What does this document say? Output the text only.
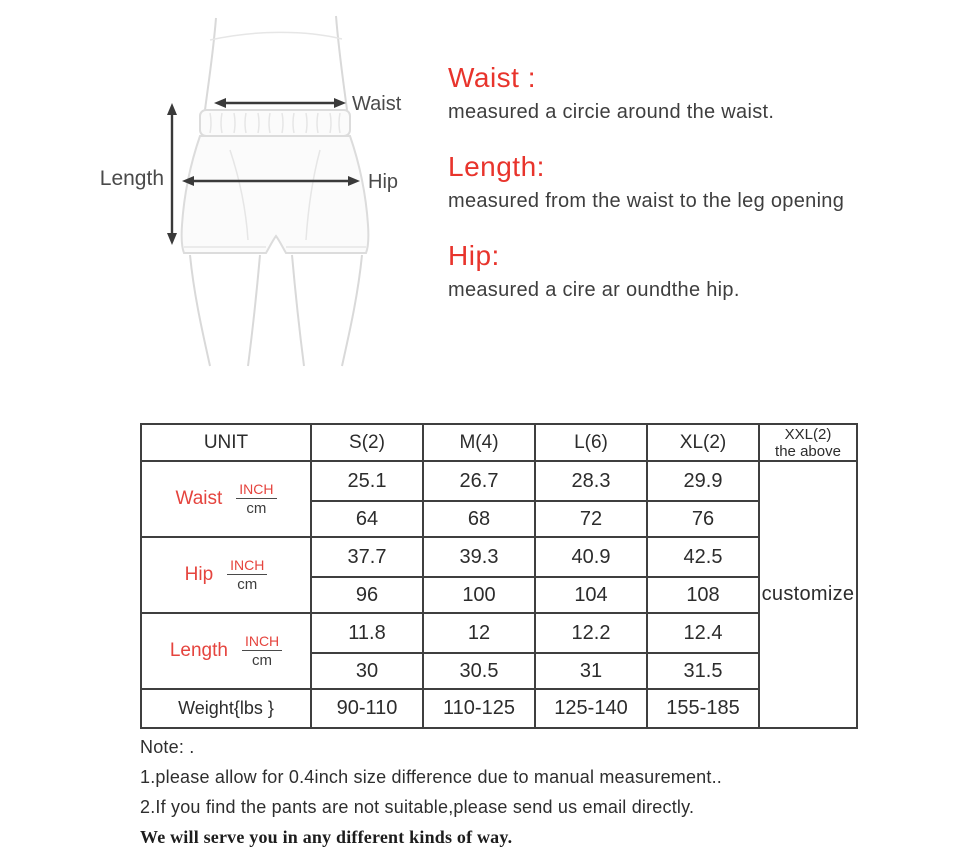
Waist
Hip
Length
Waist :
measured a circie around the waist.
Length:
measured from the waist to the leg opening
Hip:
measured a cire ar oundthe hip.
UNIT	S(2)	M(4)	L(6)	XL(2)	XXL(2)
the above

Waist $\frac{\text{INCH}}{cm}$	25.1	26.7	28.3	29.9	customize
	64	68	72	76	

Hip $\frac{\text{INCH}}{cm}$	37.7	39.3	40.9	42.5	
	96	100	104	108	

Length $\frac{\text{INCH}}{cm}$	11.8	12	12.2	12.4	
	30	30.5	31	31.5	
Weight{lbs }	90-110	110-125	125-140	155-185	
Note: .
1.please allow for 0.4inch size difference due to manual measurement..
2.If you find the pants are not suitable,please send us email directly.
We will serve you in any different kinds of way.
